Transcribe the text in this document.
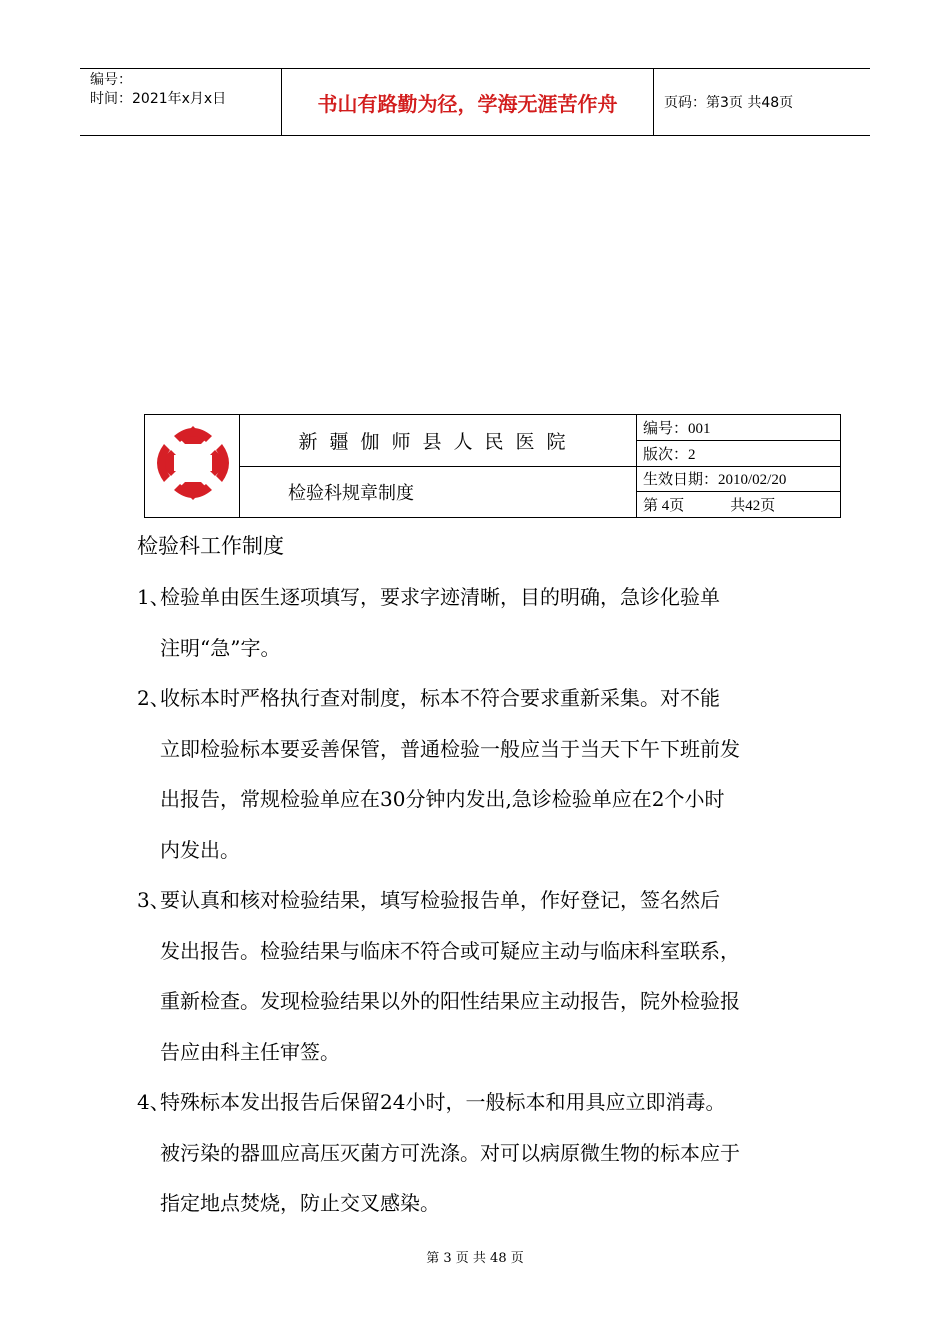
编号：
时间：2021年x月x日	书山有路勤为径，学海无涯苦作舟	页码：第3页 共48页
新疆伽师县人民医院
检验科规章制度
编号：001
版次：2
生效日期：2010/02/20
第 4页	共42页
检验科工作制度
1、
检验单由医生逐项填写，要求字迹清晰，目的明确，急诊化验单
注明“急”字。
2、
收标本时严格执行查对制度，标本不符合要求重新采集。对不能
立即检验标本要妥善保管，普通检验一般应当于当天下午下班前发
出报告，常规检验单应在30分钟内发出,急诊检验单应在2个小时
内发出。
3、
要认真和核对检验结果，填写检验报告单，作好登记，签名然后
发出报告。检验结果与临床不符合或可疑应主动与临床科室联系，
重新检查。发现检验结果以外的阳性结果应主动报告，院外检验报
告应由科主任审签。
4、
特殊标本发出报告后保留24小时，一般标本和用具应立即消毒。
被污染的器皿应高压灭菌方可洗涤。对可以病原微生物的标本应于
指定地点焚烧，防止交叉感染。
第 3 页 共 48 页
